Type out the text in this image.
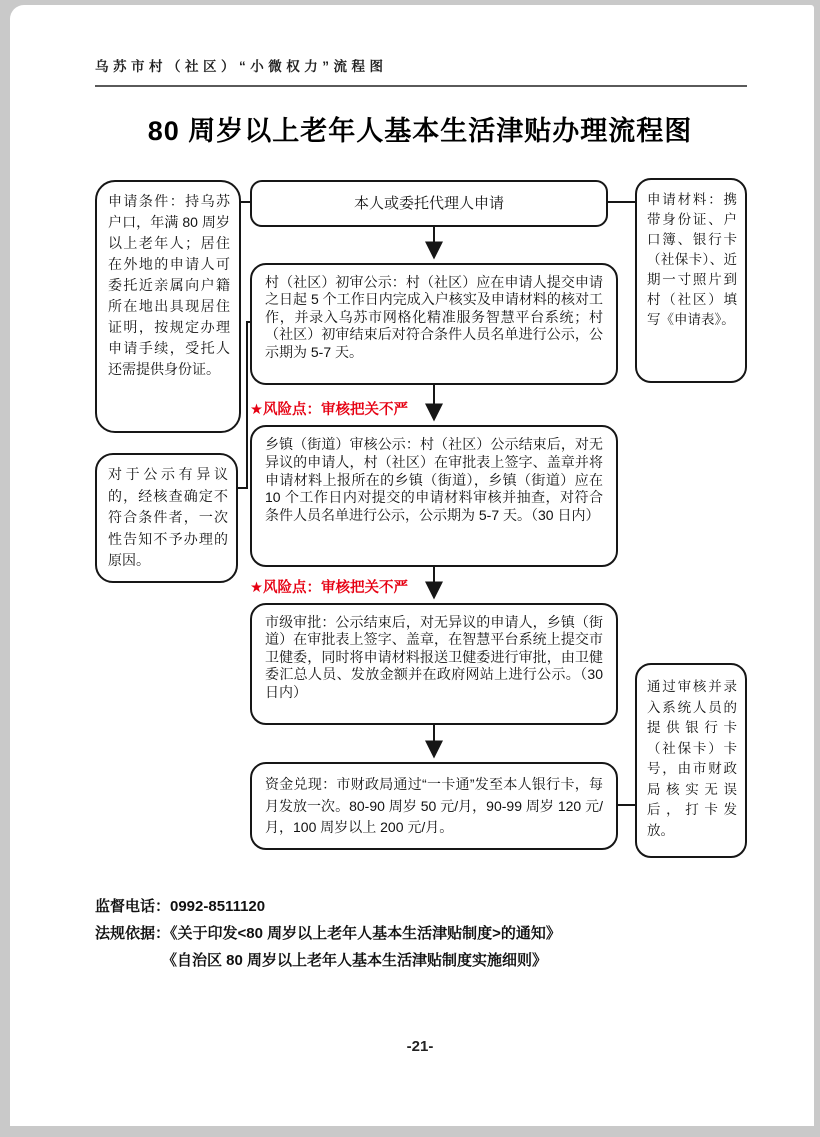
乌苏市村（社区）“小微权力”流程图
80 周岁以上老年人基本生活津贴办理流程图
申请条件：持乌苏户口，年满 80 周岁以上老年人；居住在外地的申请人可委托近亲属向户籍所在地出具现居住证明，按规定办理申请手续，受托人还需提供身份证。
对于公示有异议的，经核查确定不符合条件者，一次性告知不予办理的原因。
本人或委托代理人申请
村（社区）初审公示：村（社区）应在申请人提交申请之日起 5 个工作日内完成入户核实及申请材料的核对工作，并录入乌苏市网格化精准服务智慧平台系统；村（社区）初审结束后对符合条件人员名单进行公示，公示期为 5-7 天。
★风险点：审核把关不严
乡镇（街道）审核公示：村（社区）公示结束后，对无异议的申请人，村（社区）在审批表上签字、盖章并将申请材料上报所在的乡镇（街道），乡镇（街道）应在 10 个工作日内对提交的申请材料审核并抽查，对符合条件人员名单进行公示，公示期为 5-7 天。（30 日内）
★风险点：审核把关不严
市级审批：公示结束后，对无异议的申请人，乡镇（街道）在审批表上签字、盖章，在智慧平台系统上提交市卫健委，同时将申请材料报送卫健委进行审批，由卫健委汇总人员、发放金额并在政府网站上进行公示。（30 日内）
资金兑现：市财政局通过“一卡通”发至本人银行卡，每月发放一次。80-90 周岁 50 元/月，90-99 周岁 120 元/月，100 周岁以上 200 元/月。
申请材料：携带身份证、户口簿、银行卡（社保卡）、近期一寸照片到村（社区）填写《申请表》。
通过审核并录入系统人员的提供银行卡（社保卡）卡号，由市财政局核实无误后，打卡发放。
监督电话：0992-8511120
法规依据：《关于印发<80 周岁以上老年人基本生活津贴制度>的通知》
《自治区 80 周岁以上老年人基本生活津贴制度实施细则》
-21-
